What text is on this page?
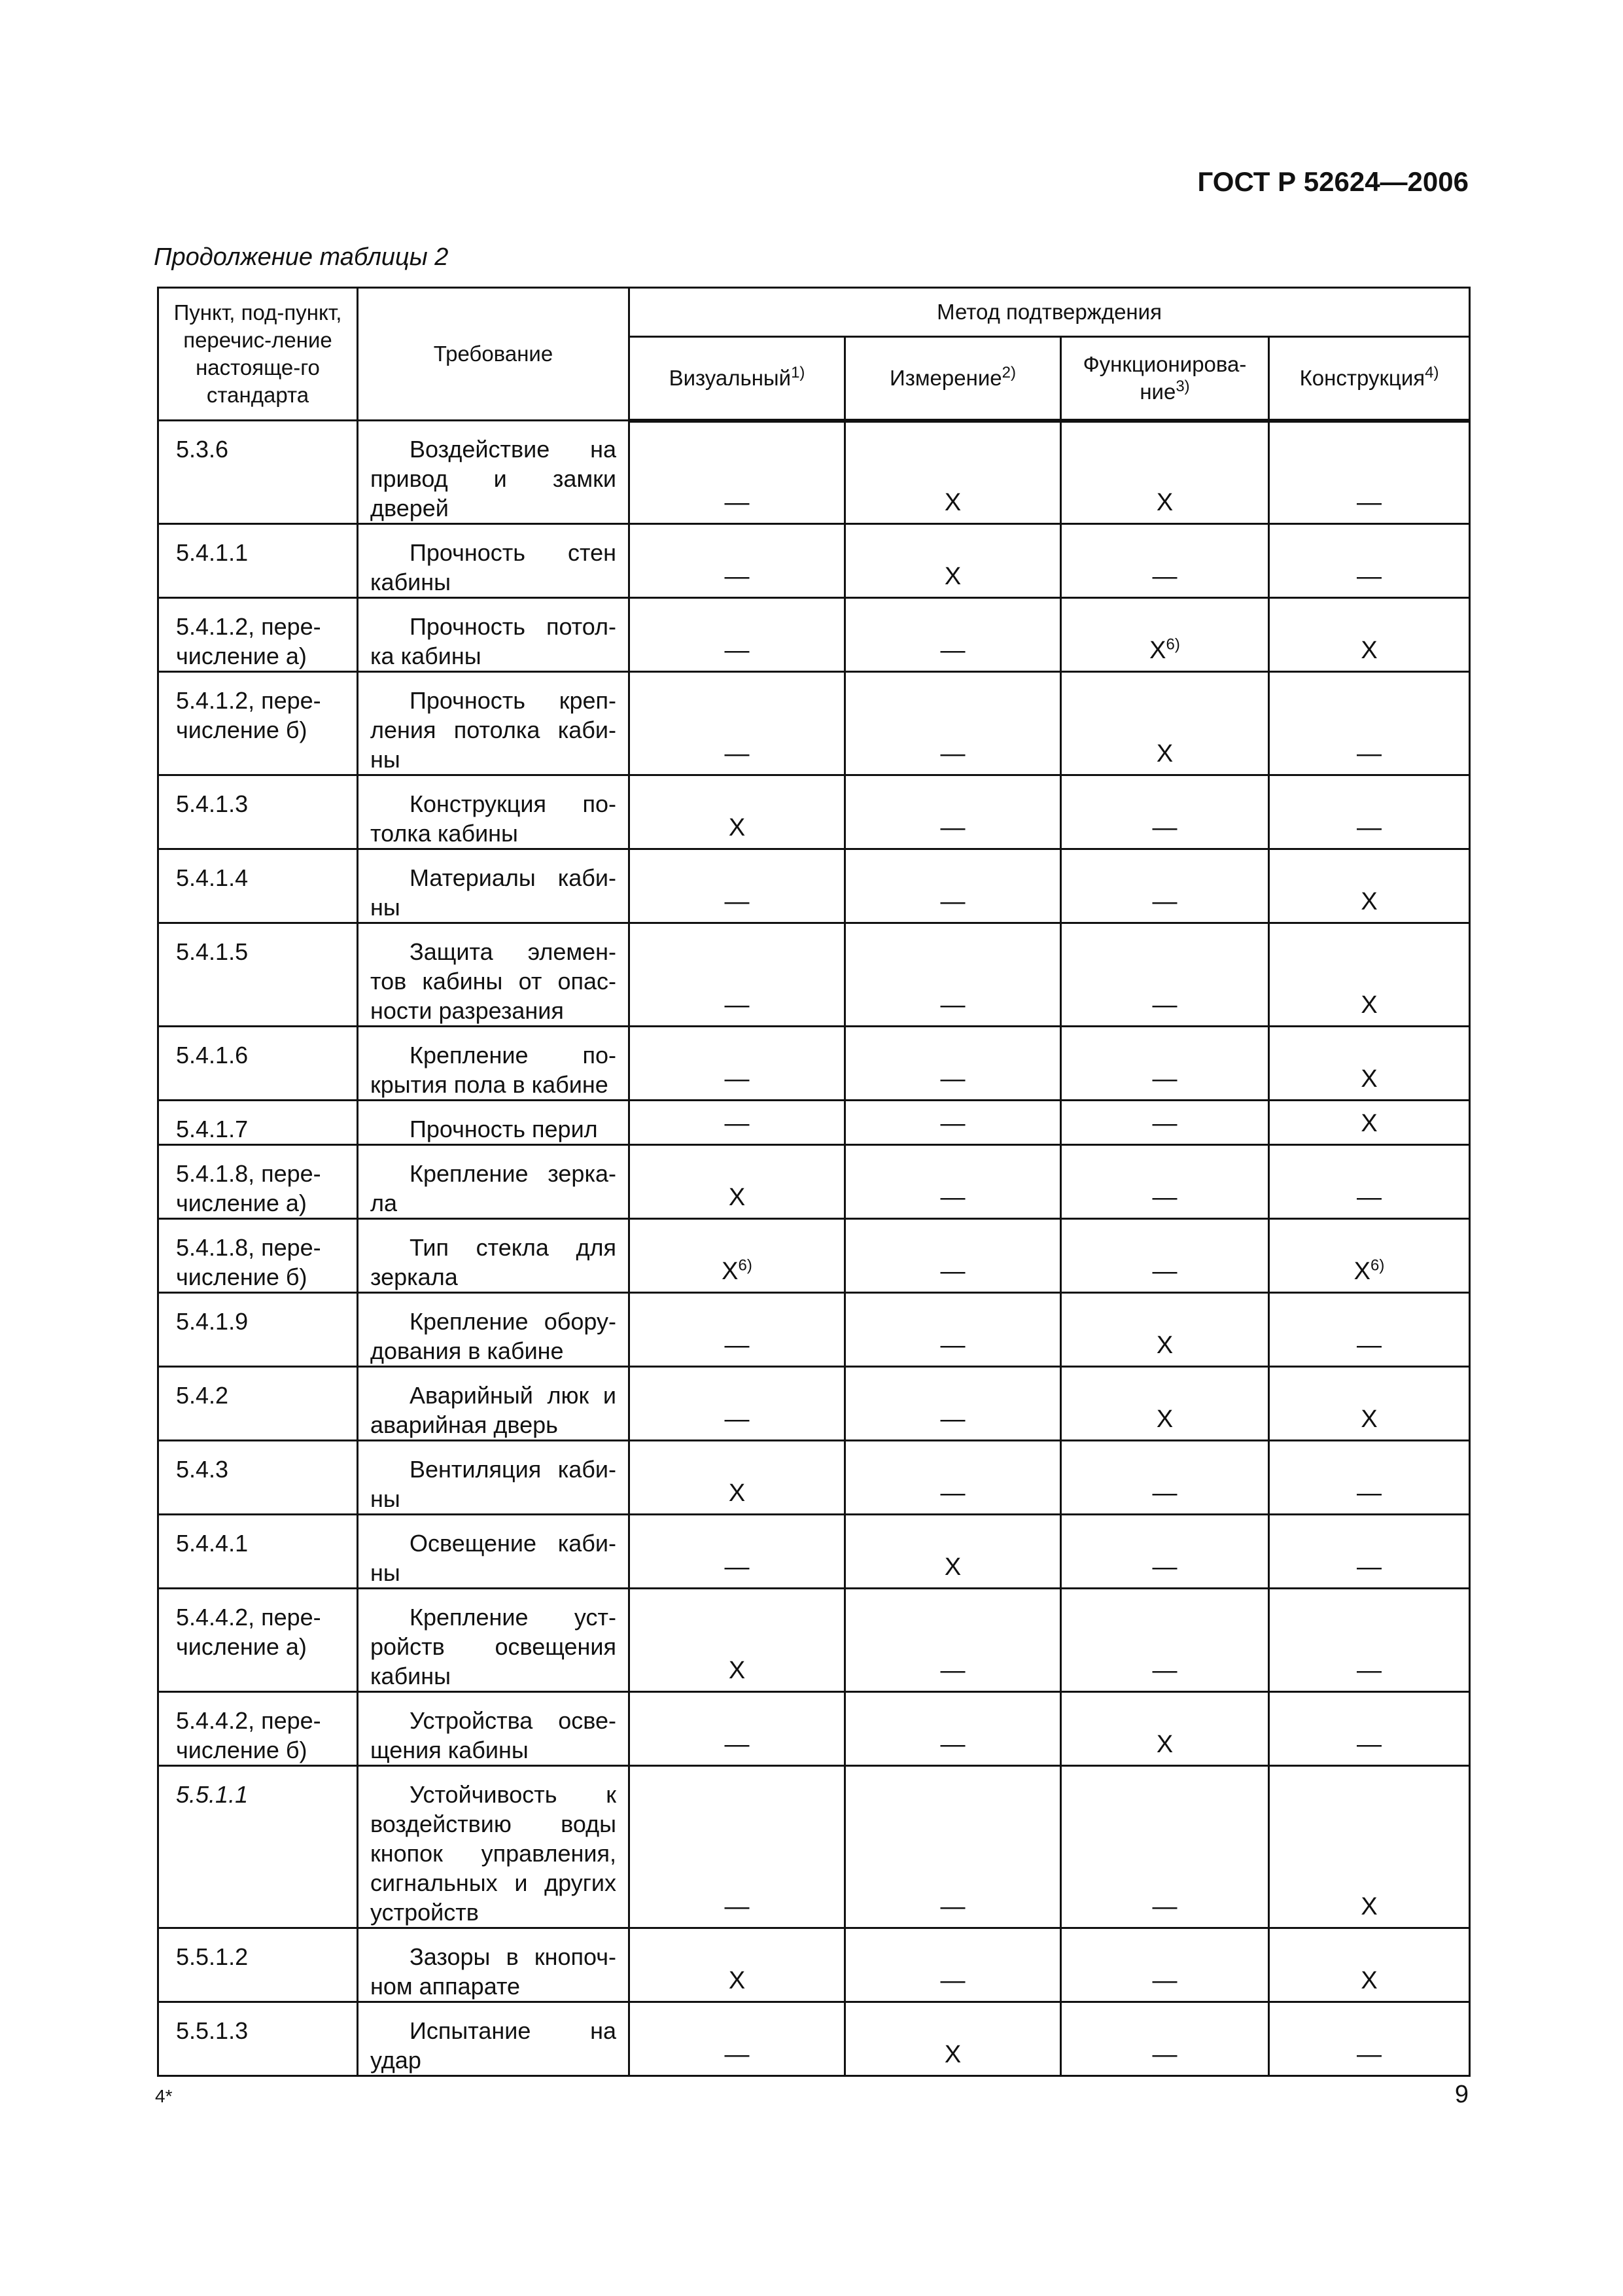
ГОСТ Р 52624—2006
Продолжение таблицы 2
Пункт, под-пункт, перечис-ление настояще-го стандарта	Требование	Метод подтверждения			
		Визуальный$^{1)}$	Измерение$^{2)}$	Функционирова-ние$^{3)}$	Конструкция$^{4)}$
5.3.6	Воздействие на привод и замки дверей	—	X	X	—
5.4.1.1	Прочность стен кабины	—	X	—	—
5.4.1.2, пере-числение а)	Прочность потол-ка кабины	—	—	$X^{6)}$	X
5.4.1.2, пере-числение б)	Прочность креп-ления потолка каби-ны	—	—	X	—
5.4.1.3	Конструкция по-толка кабины	X	—	—	—
5.4.1.4	Материалы каби-ны	—	—	—	X
5.4.1.5	Защита элемен-тов кабины от опас-ности разрезания	—	—	—	X
5.4.1.6	Крепление по-крытия пола в кабине	—	—	—	X
5.4.1.7	Прочность перил	—	—	—	X
5.4.1.8, пере-числение а)	Крепление зерка-ла	X	—	—	—
5.4.1.8, пере-числение б)	Тип стекла для зеркала	$X^{6)}$	—	—	$X^{6)}$
5.4.1.9	Крепление обору-дования в кабине	—	—	X	—
5.4.2	Аварийный люк и аварийная дверь	—	—	X	X
5.4.3	Вентиляция каби-ны	X	—	—	—
5.4.4.1	Освещение каби-ны	—	X	—	—
5.4.4.2, пере-числение а)	Крепление уст-ройств освещения кабины	X	—	—	—
5.4.4.2, пере-числение б)	Устройства осве-щения кабины	—	—	X	—
5.5.1.1	Устойчивость к воздействию воды кнопок управления, сигнальных и других устройств	—	—	—	X
5.5.1.2	Зазоры в кнопоч-ном аппарате	X	—	—	X
5.5.1.3	Испытание на удар	—	X	—	—
4*	9
